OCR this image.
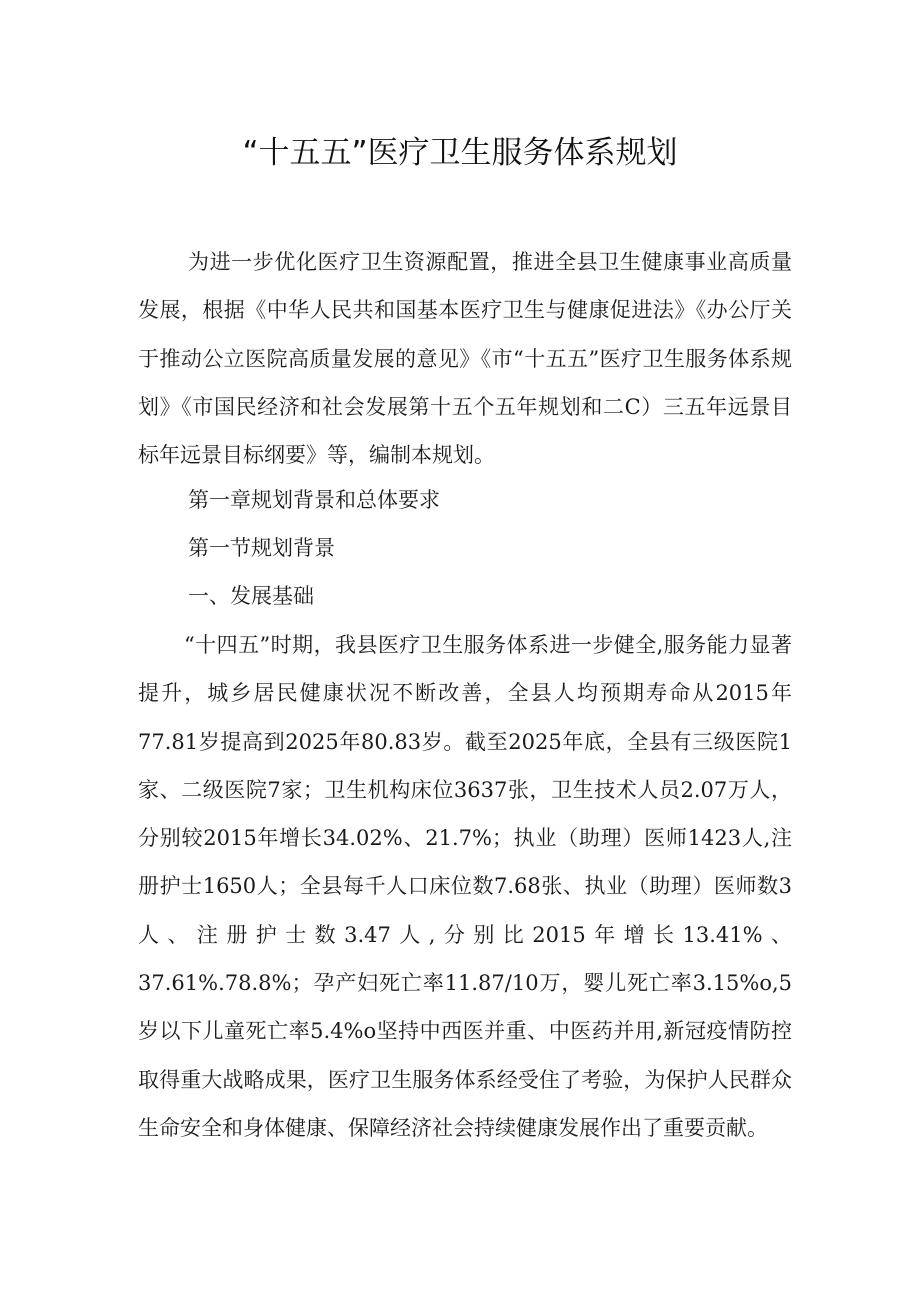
“十五五”医疗卫生服务体系规划

为进一步优化医疗卫生资源配置，推进全县卫生健康事业高质量发展，根据《中华人民共和国基本医疗卫生与健康促进法》《办公厅关于推动公立医院高质量发展的意见》《市“十五五”医疗卫生服务体系规划》《市国民经济和社会发展第十五个五年规划和二C）三五年远景目标年远景目标纲要》等，编制本规划。

第一章规划背景和总体要求

第一节规划背景

一、发展基础

“十四五”时期，我县医疗卫生服务体系进一步健全,服务能力显著提升，城乡居民健康状况不断改善，全县人均预期寿命从2015年77.81岁提高到2025年80.83岁。截至2025年底，全县有三级医院1家、二级医院7家；卫生机构床位3637张，卫生技术人员2.07万人，分别较2015年增长34.02%、21.7%；执业（助理）医师1423人,注册护士1650人；全县每千人口床位数7.68张、执业（助理）医师数3人、注册护士数3.47人,分别比2015年增长13.41%、37.61%.78.8%；孕产妇死亡率11.87/10万，婴儿死亡率3.15%o,5岁以下儿童死亡率5.4%o坚持中西医并重、中医药并用,新冠疫情防控取得重大战略成果，医疗卫生服务体系经受住了考验，为保护人民群众生命安全和身体健康、保障经济社会持续健康发展作出了重要贡献。
